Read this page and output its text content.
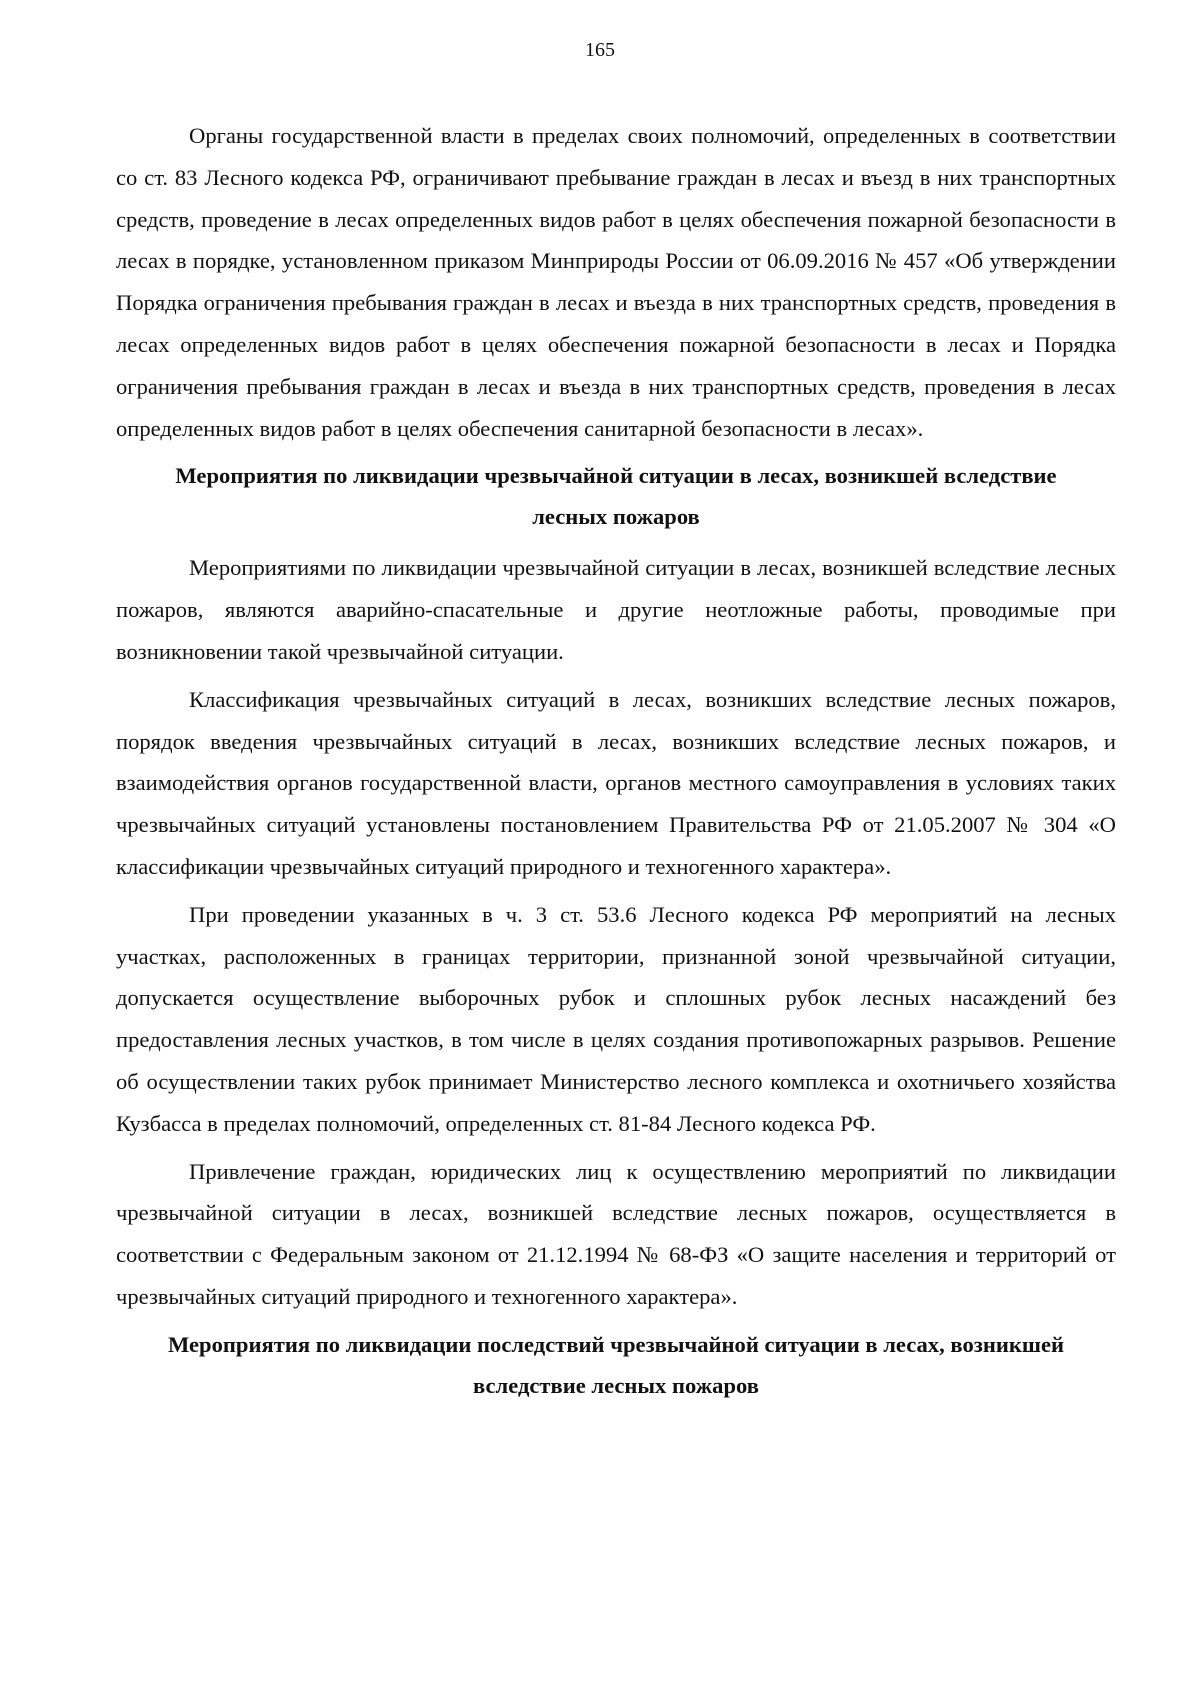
165

Органы государственной власти в пределах своих полномочий, определенных в соответствии со ст. 83 Лесного кодекса РФ, ограничивают пребывание граждан в лесах и въезд в них транспортных средств, проведение в лесах определенных видов работ в целях обеспечения пожарной безопасности в лесах в порядке, установленном приказом Минприроды России от 06.09.2016 № 457 «Об утверждении Порядка ограничения пребывания граждан в лесах и въезда в них транспортных средств, проведения в лесах определенных видов работ в целях обеспечения пожарной безопасности в лесах и Порядка ограничения пребывания граждан в лесах и въезда в них транспортных средств, проведения в лесах определенных видов работ в целях обеспечения санитарной безопасности в лесах».

Мероприятия по ликвидации чрезвычайной ситуации в лесах, возникшей вследствие лесных пожаров

Мероприятиями по ликвидации чрезвычайной ситуации в лесах, возникшей вследствие лесных пожаров, являются аварийно-спасательные и другие неотложные работы, проводимые при возникновении такой чрезвычайной ситуации.

Классификация чрезвычайных ситуаций в лесах, возникших вследствие лесных пожаров, порядок введения чрезвычайных ситуаций в лесах, возникших вследствие лесных пожаров, и взаимодействия органов государственной власти, органов местного самоуправления в условиях таких чрезвычайных ситуаций установлены постановлением Правительства РФ от 21.05.2007 № 304 «О классификации чрезвычайных ситуаций природного и техногенного характера».

При проведении указанных в ч. 3 ст. 53.6 Лесного кодекса РФ мероприятий на лесных участках, расположенных в границах территории, признанной зоной чрезвычайной ситуации, допускается осуществление выборочных рубок и сплошных рубок лесных насаждений без предоставления лесных участков, в том числе в целях создания противопожарных разрывов. Решение об осуществлении таких рубок принимает Министерство лесного комплекса и охотничьего хозяйства Кузбасса в пределах полномочий, определенных ст. 81-84 Лесного кодекса РФ.

Привлечение граждан, юридических лиц к осуществлению мероприятий по ликвидации чрезвычайной ситуации в лесах, возникшей вследствие лесных пожаров, осуществляется в соответствии с Федеральным законом от 21.12.1994 № 68-ФЗ «О защите населения и территорий от чрезвычайных ситуаций природного и техногенного характера».

Мероприятия по ликвидации последствий чрезвычайной ситуации в лесах, возникшей вследствие лесных пожаров
